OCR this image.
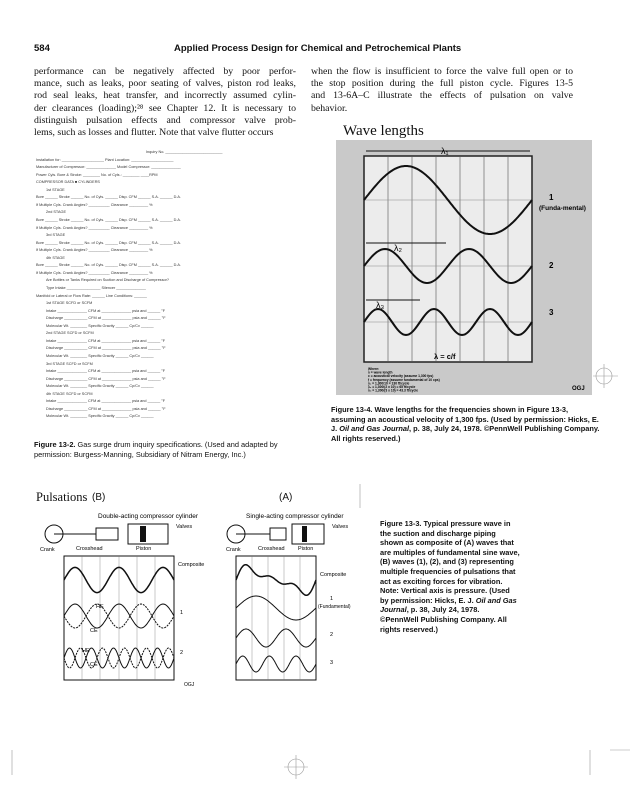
584	Applied Process Design for Chemical and Petrochemical Plants
performance can be negatively affected by poor perfor-
mance, such as leaks, poor seating of valves, piston rod leaks,
rod seal leaks, heat transfer, and incorrectly assumed cylin-
der clearances (loading);²⁸ see Chapter 12. It is necessary to
distinguish pulsation effects and compressor valve prob-
lems, such as losses and flutter. Note that valve flutter occurs
when the flow is insufficient to force the valve full open or to
the stop position during the full piston cycle. Figures 13-5
and 13-6A–C illustrate the effects of pulsation on valve
behavior.
Inquiry No. ___________________________
Installation for: ____________________ Plant Location: ____________________
Manufacturer of Compressor: ______________ Model Compressor: ______________
Power Cyls. Bore & Stroke: ________ No. of Cyls.: ________ ____RPM
COMPRESSOR DATA ■ CYLINDERS
1st STAGE
Bore ______ Stroke ______ No. of Cyls. ______ Disp. CFM ______ S.A. ______ D.A.
If Multiple Cyls. Crank Angles? __________ Clearance _________ %
2nd STAGE
Bore ______ Stroke ______ No. of Cyls. ______ Disp. CFM ______ S.A. ______ D.A.
If Multiple Cyls. Crank Angles? __________ Clearance _________ %
3rd STAGE
Bore ______ Stroke ______ No. of Cyls. ______ Disp. CFM ______ S.A. ______ D.A.
If Multiple Cyls. Crank Angles? __________ Clearance _________ %
4th STAGE
Bore ______ Stroke ______ No. of Cyls. ______ Disp. CFM ______ S.A. ______ D.A.
If Multiple Cyls. Crank Angles? __________ Clearance _________ %
Are Bottles or Tanks Required on Suction and Discharge of Compressor?
Type Intake ________________ Silencer ______________
Manifold or Lateral or Flow Rate: ______ Line Conditions: ______
1st STAGE SCFD or SCFM
Intake ______________ CFM at ______________ psia and ______ °F
Discharge ___________ CFM at ______________ psia and ______ °F
Molecular Wt. ________ Specific Gravity ______ Cp/Cv ______
2nd STAGE SCFD or SCFM
Intake ______________ CFM at ______________ psia and ______ °F
Discharge ___________ CFM at ______________ psia and ______ °F
Molecular Wt. ________ Specific Gravity ______ Cp/Cv ______
3rd STAGE SCFD or SCFM
Intake ______________ CFM at ______________ psia and ______ °F
Discharge ___________ CFM at ______________ psia and ______ °F
Molecular Wt. ________ Specific Gravity ______ Cp/Cv ______
4th STAGE SCFD or SCFM
Intake ______________ CFM at ______________ psia and ______ °F
Discharge ___________ CFM at ______________ psia and ______ °F
Molecular Wt. ________ Specific Gravity ______ Cp/Cv ______
Figure 13-2. Gas surge drum inquiry specifications. (Used and adapted by permission: Burgess-Manning, Subsidiary of Nitram Energy, Inc.)
Wave lengths
λ₁
λ₂
λ₃
1
(Funda-mental)
2
3
λ = c/f
Where:
λ = wave length
c = acoustical velocity (assume 1,300 fps)
f = frequency (assume fundamental of 10 cps)
λ₁ = 1,300/10 = 130 ft/cycle
λ₂ = 1,300/(2 x 10) = 65 ft/cycle
λ₃ = 1,300/(3 x 10) = 43.3 ft/cycle	OGJ
Figure 13-4. Wave lengths for the frequencies shown in Figure 13-3, assuming an acoustical velocity of 1,300 fps. (Used by permission: Hicks, E. J. Oil and Gas Journal, p. 38, July 24, 1978. ©PennWell Publishing Company. All rights reserved.)
Pulsations (B)	(A)
Double-acting compressor cylinder
Valves
Crank	Crosshead	Piston
HE
CE
HE
CE
Composite
1
2
OGJ
Single-acting compressor cylinder
Valves
Crank	Crosshead Piston
Composite
1
(Fundamental)
2
3
Figure 13-3. Typical pressure wave in the suction and discharge piping shown as composite of (A) waves that are multiples of fundamental sine wave, (B) waves (1), (2), and (3) representing multiple frequencies of pulsations that act as exciting forces for vibration. Note: Vertical axis is pressure. (Used by permission: Hicks, E. J. Oil and Gas Journal, p. 38, July 24, 1978. ©PennWell Publishing Company. All rights reserved.)
